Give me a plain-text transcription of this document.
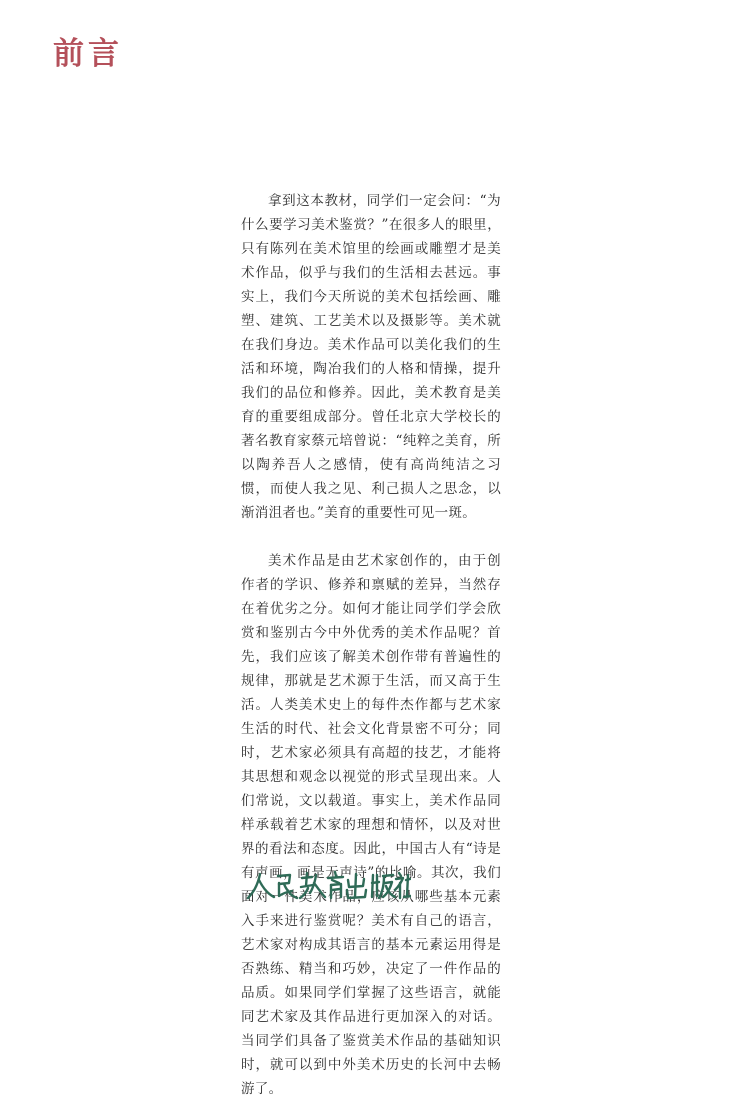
前言

拿到这本教材，同学们一定会问：“为什么要学习美术鉴赏？”在很多人的眼里，只有陈列在美术馆里的绘画或雕塑才是美术作品，似乎与我们的生活相去甚远。事实上，我们今天所说的美术包括绘画、雕塑、建筑、工艺美术以及摄影等。美术就在我们身边。美术作品可以美化我们的生活和环境，陶冶我们的人格和情操，提升我们的品位和修养。因此，美术教育是美育的重要组成部分。曾任北京大学校长的著名教育家蔡元培曾说：“纯粹之美育，所以陶养吾人之感情，使有高尚纯洁之习惯，而使人我之见、利己损人之思念，以渐消沮者也。”美育的重要性可见一斑。

美术作品是由艺术家创作的，由于创作者的学识、修养和禀赋的差异，当然存在着优劣之分。如何才能让同学们学会欣赏和鉴别古今中外优秀的美术作品呢？首先，我们应该了解美术创作带有普遍性的规律，那就是艺术源于生活，而又高于生活。人类美术史上的每件杰作都与艺术家生活的时代、社会文化背景密不可分；同时，艺术家必须具有高超的技艺，才能将其思想和观念以视觉的形式呈现出来。人们常说，文以载道。事实上，美术作品同样承载着艺术家的理想和情怀，以及对世界的看法和态度。因此，中国古人有“诗是有声画，画是无声诗”的比喻。其次，我们面对一件美术作品，应该从哪些基本元素入手来进行鉴赏呢？美术有自己的语言，艺术家对构成其语言的基本元素运用得是否熟练、精当和巧妙，决定了一件作品的品质。如果同学们掌握了这些语言，就能同艺术家及其作品进行更加深入的对话。当同学们具备了鉴赏美术作品的基础知识时，就可以到中外美术历史的长河中去畅游了。
